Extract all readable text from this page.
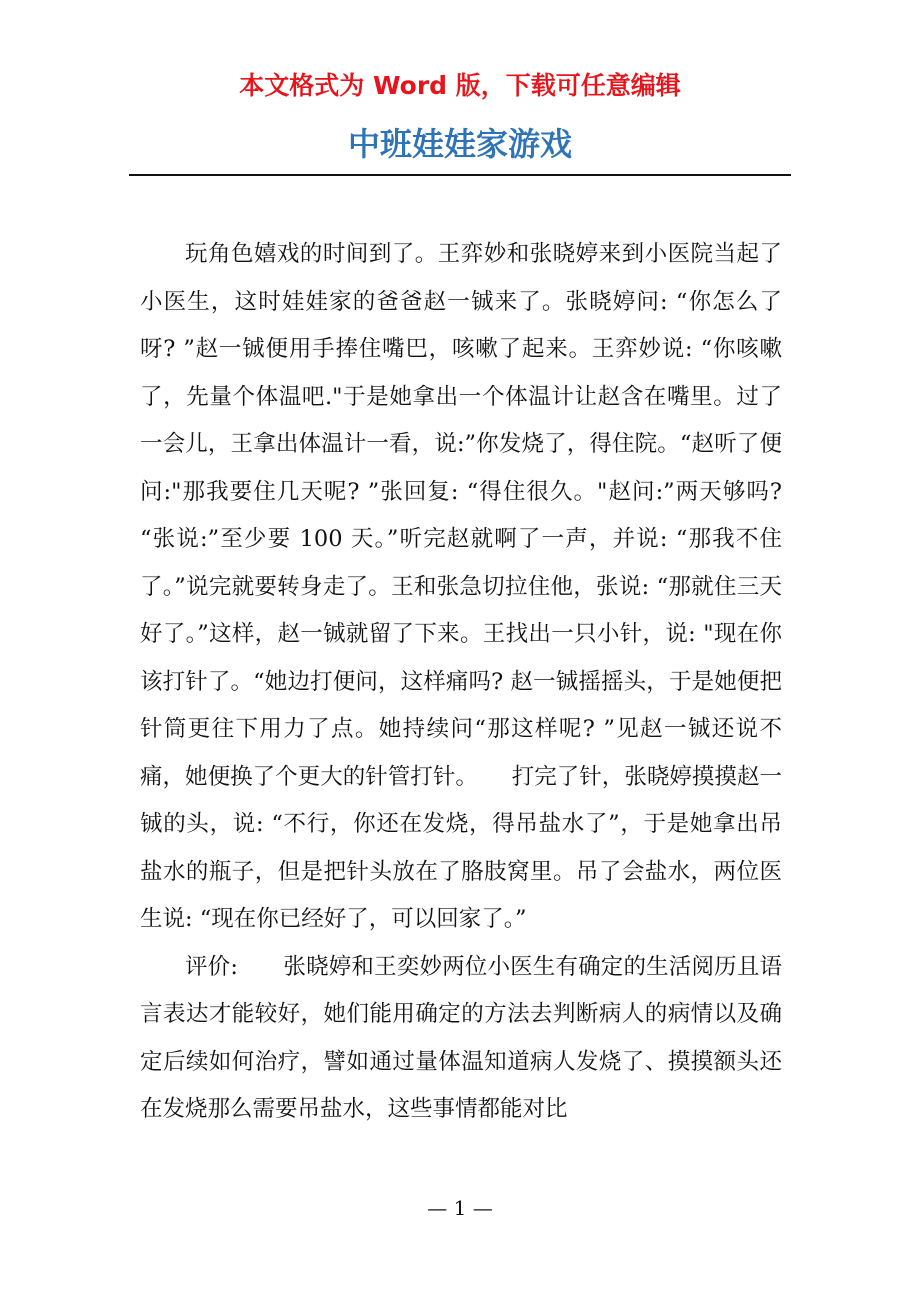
本文格式为 Word 版，下载可任意编辑
中班娃娃家游戏

玩角色嬉戏的时间到了。王弈妙和张晓婷来到小医院当起了小医生，这时娃娃家的爸爸赵一铖来了。张晓婷问: “你怎么了呀? ”赵一铖便用手捧住嘴巴，咳嗽了起来。王弈妙说: “你咳嗽了，先量个体温吧."于是她拿出一个体温计让赵含在嘴里。过了一会儿，王拿出体温计一看，说:”你发烧了，得住院。“赵听了便问:"那我要住几天呢? ”张回复: “得住很久。"赵问:”两天够吗? “张说:”至少要 100 天。”听完赵就啊了一声，并说: “那我不住了。”说完就要转身走了。王和张急切拉住他，张说: “那就住三天好了。”这样，赵一铖就留了下来。王找出一只小针，说: "现在你该打针了。“她边打便问，这样痛吗? 赵一铖摇摇头，于是她便把针筒更往下用力了点。她持续问“那这样呢? ”见赵一铖还说不痛，她便换了个更大的针管打针。　　打完了针，张晓婷摸摸赵一铖的头，说: “不行，你还在发烧，得吊盐水了”，于是她拿出吊盐水的瓶子，但是把针头放在了胳肢窝里。吊了会盐水，两位医生说: “现在你已经好了，可以回家了。”

评价:　　张晓婷和王奕妙两位小医生有确定的生活阅历且语言表达才能较好，她们能用确定的方法去判断病人的病情以及确定后续如何治疗，譬如通过量体温知道病人发烧了、摸摸额头还在发烧那么需要吊盐水，这些事情都能对比

— 1 —
